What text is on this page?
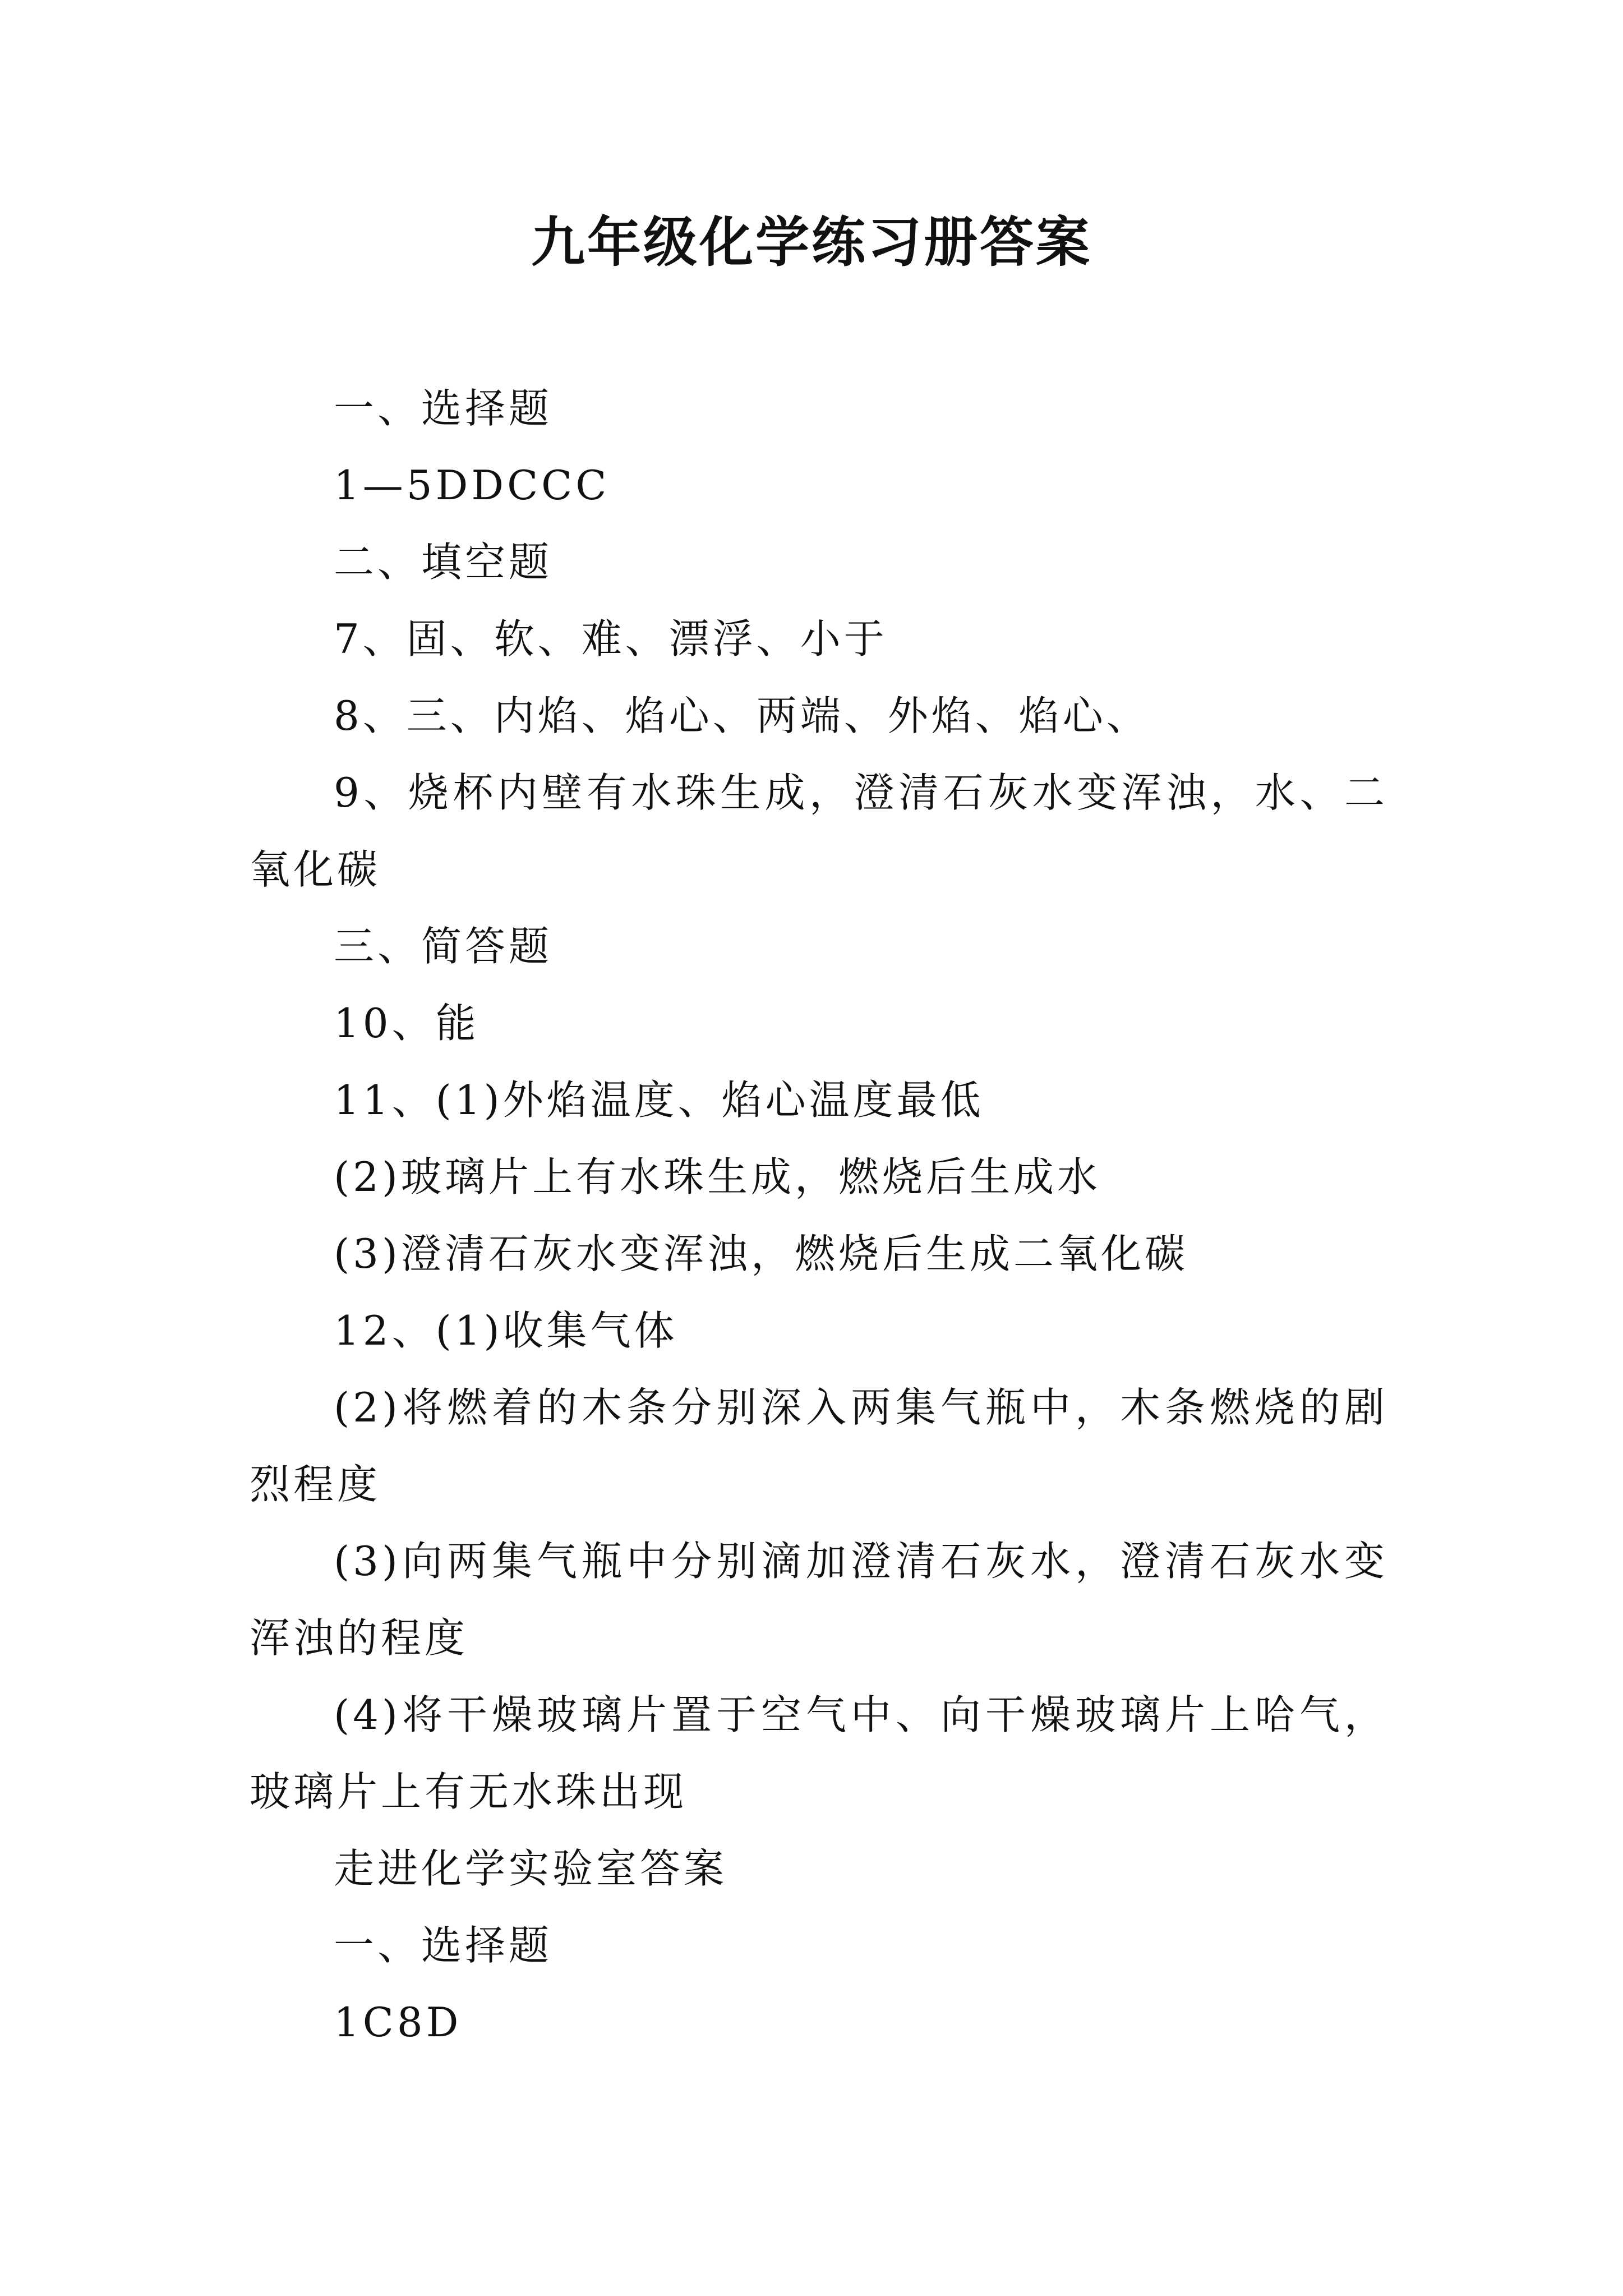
九年级化学练习册答案

一、选择题

1—5DDCCC

二、填空题

7、固、软、难、漂浮、小于

8、三、内焰、焰心、两端、外焰、焰心、

9、烧杯内壁有水珠生成，澄清石灰水变浑浊，水、二氧化碳

三、简答题

10、能

11、(1)外焰温度、焰心温度最低

(2)玻璃片上有水珠生成，燃烧后生成水

(3)澄清石灰水变浑浊，燃烧后生成二氧化碳

12、(1)收集气体

(2)将燃着的木条分别深入两集气瓶中，木条燃烧的剧烈程度

(3)向两集气瓶中分别滴加澄清石灰水，澄清石灰水变浑浊的程度

(4)将干燥玻璃片置于空气中、向干燥玻璃片上哈气，玻璃片上有无水珠出现

走进化学实验室答案

一、选择题

1C8D
